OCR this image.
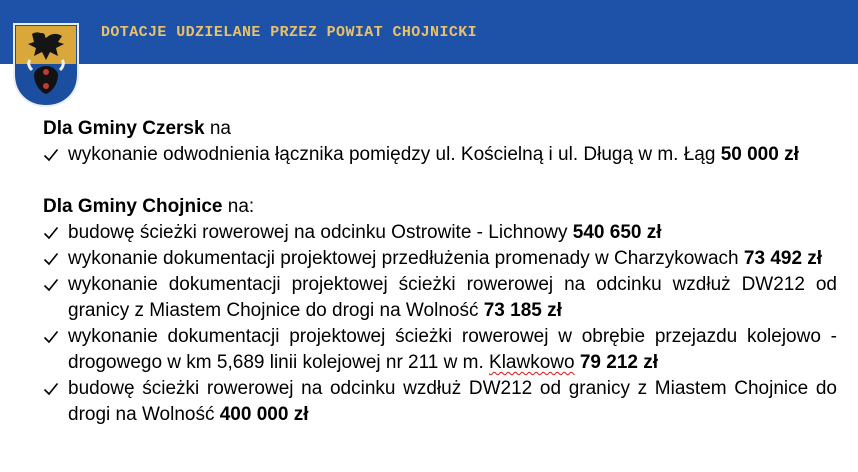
DOTACJE UDZIELANE PRZEZ POWIAT CHOJNICKI

Dla Gminy Czersk na

wykonanie odwodnienia łącznika pomiędzy ul. Kościelną i ul. Długą w m. Łąg 50 000 zł

Dla Gminy Chojnice na:

budowę ścieżki rowerowej na odcinku Ostrowite - Lichnowy 540 650 zł
wykonanie dokumentacji projektowej przedłużenia promenady w Charzykowach 73 492 zł
wykonanie dokumentacji projektowej ścieżki rowerowej na odcinku wzdłuż DW212 od granicy z Miastem Chojnice do drogi na Wolność 73 185 zł
wykonanie dokumentacji projektowej ścieżki rowerowej w obrębie przejazdu kolejowo - drogowego w km 5,689 linii kolejowej nr 211 w m. Klawkowo 79 212 zł
budowę ścieżki rowerowej na odcinku wzdłuż DW212 od granicy z Miastem Chojnice do drogi na Wolność 400 000 zł
